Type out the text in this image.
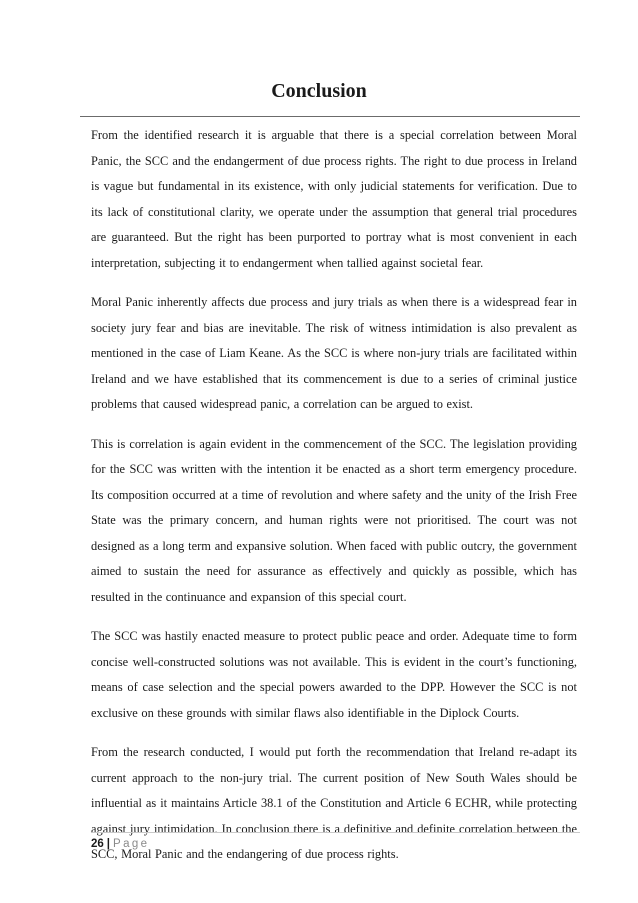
Conclusion

From the identified research it is arguable that there is a special correlation between Moral Panic, the SCC and the endangerment of due process rights. The right to due process in Ireland is vague but fundamental in its existence, with only judicial statements for verification. Due to its lack of constitutional clarity, we operate under the assumption that general trial procedures are guaranteed. But the right has been purported to portray what is most convenient in each interpretation, subjecting it to endangerment when tallied against societal fear.

Moral Panic inherently affects due process and jury trials as when there is a widespread fear in society jury fear and bias are inevitable. The risk of witness intimidation is also prevalent as mentioned in the case of Liam Keane. As the SCC is where non-jury trials are facilitated within Ireland and we have established that its commencement is due to a series of criminal justice problems that caused widespread panic, a correlation can be argued to exist.

This is correlation is again evident in the commencement of the SCC. The legislation providing for the SCC was written with the intention it be enacted as a short term emergency procedure. Its composition occurred at a time of revolution and where safety and the unity of the Irish Free State was the primary concern, and human rights were not prioritised. The court was not designed as a long term and expansive solution. When faced with public outcry, the government aimed to sustain the need for assurance as effectively and quickly as possible, which has resulted in the continuance and expansion of this special court.

The SCC was hastily enacted measure to protect public peace and order. Adequate time to form concise well-constructed solutions was not available. This is evident in the court’s functioning, means of case selection and the special powers awarded to the DPP. However the SCC is not exclusive on these grounds with similar flaws also identifiable in the Diplock Courts.

From the research conducted, I would put forth the recommendation that Ireland re-adapt its current approach to the non-jury trial. The current position of New South Wales should be influential as it maintains Article 38.1 of the Constitution and Article 6 ECHR, while protecting against jury intimidation. In conclusion there is a definitive and definite correlation between the SCC, Moral Panic and the endangering of due process rights.

26 | Page
